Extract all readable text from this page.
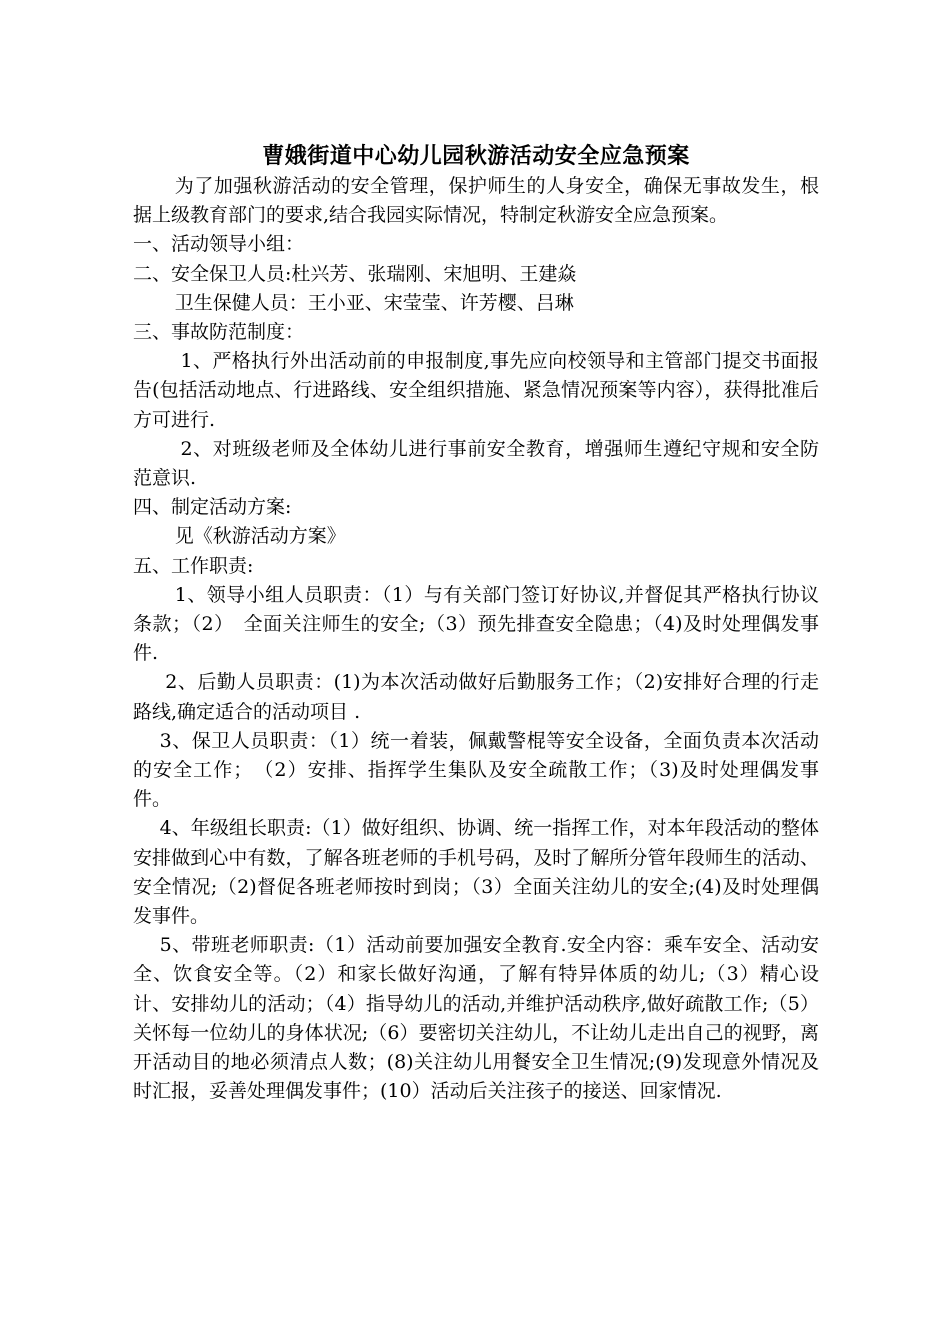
曹娥街道中心幼儿园秋游活动安全应急预案

为了加强秋游活动的安全管理，保护师生的人身安全，确保无事故发生，根据上级教育部门的要求,结合我园实际情况，特制定秋游安全应急预案。

一、活动领导小组：

二、安全保卫人员:杜兴芳、张瑞刚、宋旭明、王建焱

卫生保健人员：王小亚、宋莹莹、许芳樱、吕琳

三、事故防范制度：

1、严格执行外出活动前的申报制度,事先应向校领导和主管部门提交书面报告(包括活动地点、行进路线、安全组织措施、紧急情况预案等内容），获得批准后方可进行.

2、对班级老师及全体幼儿进行事前安全教育，增强师生遵纪守规和安全防范意识.

四、制定活动方案:

见《秋游活动方案》

五、工作职责:

1、领导小组人员职责：（1）与有关部门签订好协议,并督促其严格执行协议条款；（2）　全面关注师生的安全;（3）预先排查安全隐患；（4)及时处理偶发事件.

2、后勤人员职责：(1)为本次活动做好后勤服务工作；（2)安排好合理的行走路线,确定适合的活动项目 .

3、保卫人员职责：（1）统一着装，佩戴警棍等安全设备，全面负责本次活动的安全工作；　（2）安排、指挥学生集队及安全疏散工作；（3)及时处理偶发事件。

4、年级组长职责:（1）做好组织、协调、统一指挥工作，对本年段活动的整体安排做到心中有数，了解各班老师的手机号码，及时了解所分管年段师生的活动、安全情况;（2)督促各班老师按时到岗；（3）全面关注幼儿的安全;(4)及时处理偶发事件。

5、带班老师职责:（1）活动前要加强安全教育.安全内容：乘车安全、活动安全、饮食安全等。（2）和家长做好沟通，了解有特异体质的幼儿;（3）精心设计、安排幼儿的活动；（4）指导幼儿的活动,并维护活动秩序,做好疏散工作;（5）关怀每一位幼儿的身体状况;（6）要密切关注幼儿，不让幼儿走出自己的视野，离开活动目的地必须清点人数；(8)关注幼儿用餐安全卫生情况;(9)发现意外情况及时汇报，妥善处理偶发事件；(10）活动后关注孩子的接送、回家情况.
